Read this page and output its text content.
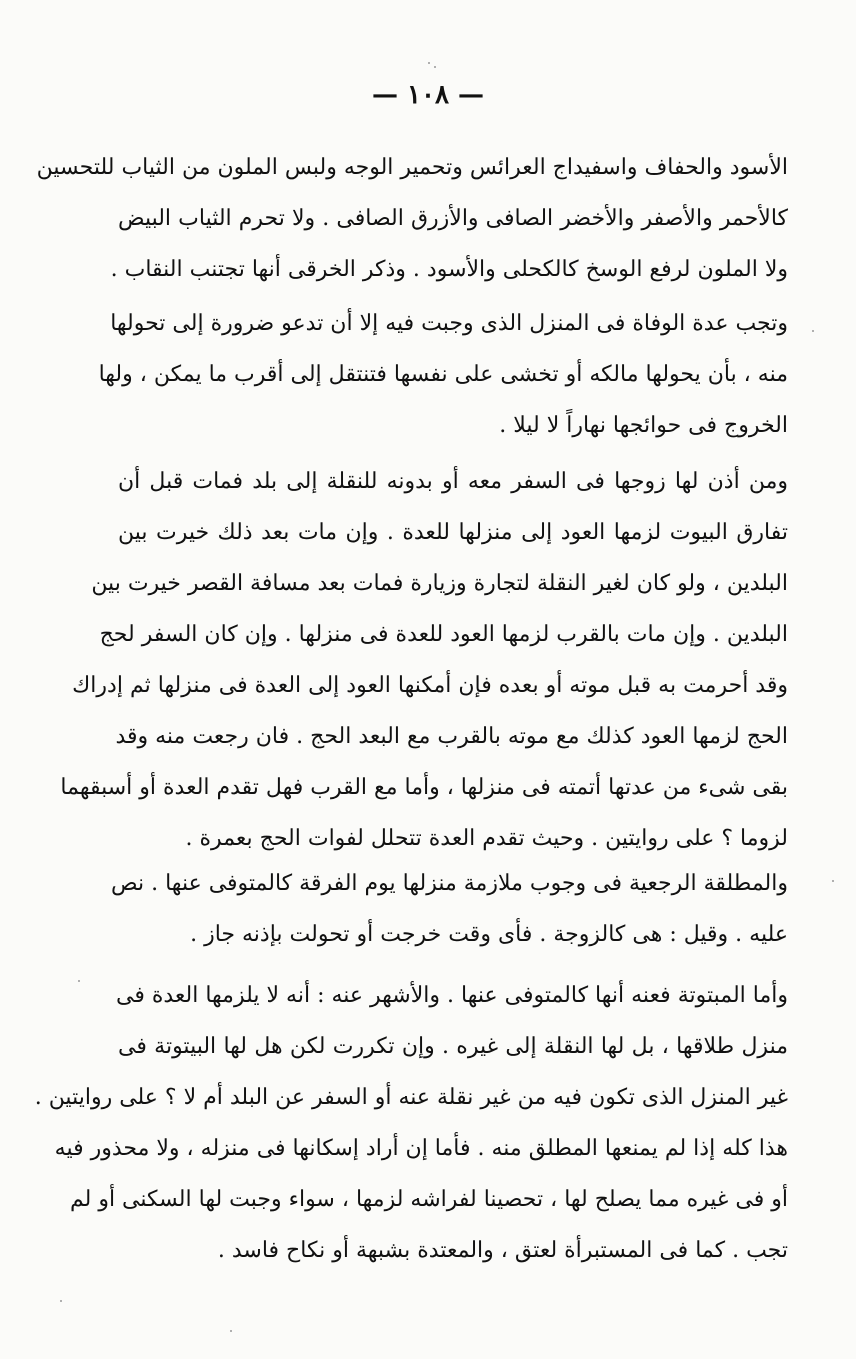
— ١٠٨ —
الأسود والحفاف واسفيداج العرائس وتحمير الوجه ولبس الملون من الثياب للتحسين
كالأحمر والأصفر والأخضر الصافى والأزرق الصافى . ولا تحرم الثياب البيض
ولا الملون لرفع الوسخ كالكحلى والأسود . وذكر الخرقى أنها تجتنب النقاب .
وتجب عدة الوفاة فى المنزل الذى وجبت فيه إلا أن تدعو ضرورة إلى تحولها
منه ، بأن يحولها مالكه أو تخشى على نفسها فتنتقل إلى أقرب ما يمكن ، ولها
الخروج فى حوائجها نهاراً لا ليلا .
ومن أذن لها زوجها فى السفر معه أو بدونه للنقلة إلى بلد فمات قبل أن
تفارق البيوت لزمها العود إلى منزلها للعدة . وإن مات بعد ذلك خيرت بين
البلدين ، ولو كان لغير النقلة لتجارة وزيارة فمات بعد مسافة القصر خيرت بين
البلدين . وإن مات بالقرب لزمها العود للعدة فى منزلها . وإن كان السفر لحج
وقد أحرمت به قبل موته أو بعده فإن أمكنها العود إلى العدة فى منزلها ثم إدراك
الحج لزمها العود كذلك مع موته بالقرب مع البعد الحج . فان رجعت منه وقد
بقى شىء من عدتها أتمته فى منزلها ، وأما مع القرب فهل تقدم العدة أو أسبقهما
لزوما ؟ على روايتين . وحيث تقدم العدة تتحلل لفوات الحج بعمرة .
والمطلقة الرجعية فى وجوب ملازمة منزلها يوم الفرقة كالمتوفى عنها . نص
عليه . وقيل : هى كالزوجة . فأى وقت خرجت أو تحولت بإذنه جاز .
وأما المبتوتة فعنه أنها كالمتوفى عنها . والأشهر عنه : أنه لا يلزمها العدة فى
منزل طلاقها ، بل لها النقلة إلى غيره . وإن تكررت لكن هل لها البيتوتة فى
غير المنزل الذى تكون فيه من غير نقلة عنه أو السفر عن البلد أم لا ؟ على روايتين .
هذا كله إذا لم يمنعها المطلق منه . فأما إن أراد إسكانها فى منزله ، ولا محذور فيه
أو فى غيره مما يصلح لها ، تحصينا لفراشه لزمها ، سواء وجبت لها السكنى أو لم
تجب . كما فى المستبرأة لعتق ، والمعتدة بشبهة أو نكاح فاسد .
